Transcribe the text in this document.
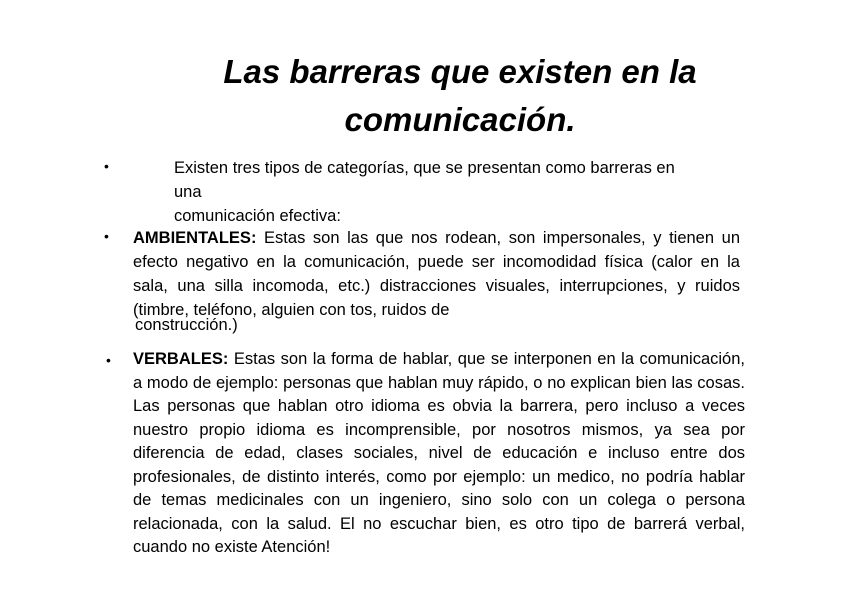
Las barreras que existen en la
comunicación.
•	Existen tres tipos de categorías, que se presentan como barreras en
una
comunicación efectiva:
• AMBIENTALES: Estas son las que nos rodean, son impersonales, y tienen un efecto negativo en la comunicación, puede ser incomodidad física (calor en la sala, una silla incomoda, etc.) distracciones visuales, interrupciones, y ruidos (timbre, teléfono, alguien con tos, ruidos de
construcción.)
• VERBALES: Estas son la forma de hablar, que se interponen en la comunicación, a modo de ejemplo: personas que hablan muy rápido, o no explican bien las cosas. Las personas que hablan otro idioma es obvia la barrera, pero incluso a veces nuestro propio idioma es incomprensible, por nosotros mismos, ya sea por diferencia de edad, clases sociales, nivel de educación e incluso entre dos profesionales, de distinto interés, como por ejemplo: un medico, no podría hablar de temas medicinales con un ingeniero, sino solo con un colega o persona relacionada, con la salud. El no escuchar bien, es otro tipo de barrerá verbal, cuando no existe Atención!
